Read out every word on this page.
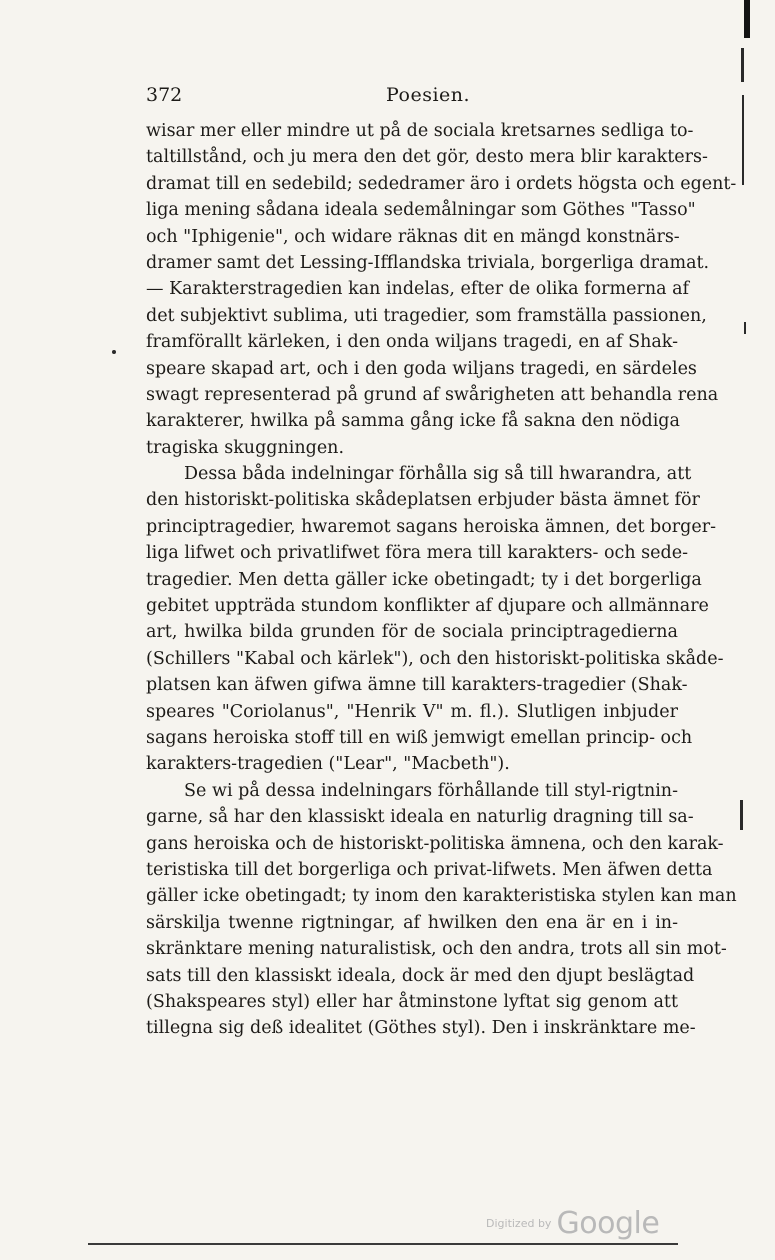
372	Poesien.
wisar mer eller mindre ut på de sociala kretsarnes sedliga to-
taltillstånd, och ju mera den det gör, desto mera blir karakters-
dramat till en sedebild; sededramer äro i ordets högsta och egent-
liga mening sådana ideala sedemålningar som Göthes "Tasso"
och "Iphigenie", och widare räknas dit en mängd konstnärs-
dramer samt det Lessing-Ifflandska triviala, borgerliga dramat.
— Karakterstragedien kan indelas, efter de olika formerna af
det subjektivt sublima, uti tragedier, som framställa passionen,
framförallt kärleken, i den onda wiljans tragedi, en af Shak-
speare skapad art, och i den goda wiljans tragedi, en särdeles
swagt representerad på grund af swårigheten att behandla rena
karakterer, hwilka på samma gång icke få sakna den nödiga
tragiska skuggningen.
Dessa båda indelningar förhålla sig så till hwarandra, att
den historiskt-politiska skådeplatsen erbjuder bästa ämnet för
principtragedier, hwaremot sagans heroiska ämnen, det borger-
liga lifwet och privatlifwet föra mera till karakters- och sede-
tragedier. Men detta gäller icke obetingadt; ty i det borgerliga
gebitet uppträda stundom konflikter af djupare och allmännare
art, hwilka bilda grunden för de sociala principtragedierna
(Schillers "Kabal och kärlek"), och den historiskt-politiska skåde-
platsen kan äfwen gifwa ämne till karakters-tragedier (Shak-
speares "Coriolanus", "Henrik V" m. fl.). Slutligen inbjuder
sagans heroiska stoff till en wiß jemwigt emellan princip- och
karakters-tragedien ("Lear", "Macbeth").
Se wi på dessa indelningars förhållande till styl-rigtnin-
garne, så har den klassiskt ideala en naturlig dragning till sa-
gans heroiska och de historiskt-politiska ämnena, och den karak-
teristiska till det borgerliga och privat-lifwets. Men äfwen detta
gäller icke obetingadt; ty inom den karakteristiska stylen kan man
särskilja twenne rigtningar, af hwilken den ena är en i in-
skränktare mening naturalistisk, och den andra, trots all sin mot-
sats till den klassiskt ideala, dock är med den djupt beslägtad
(Shakspeares styl) eller har åtminstone lyftat sig genom att
tillegna sig deß idealitet (Göthes styl). Den i inskränktare me-
Digitized by Google
